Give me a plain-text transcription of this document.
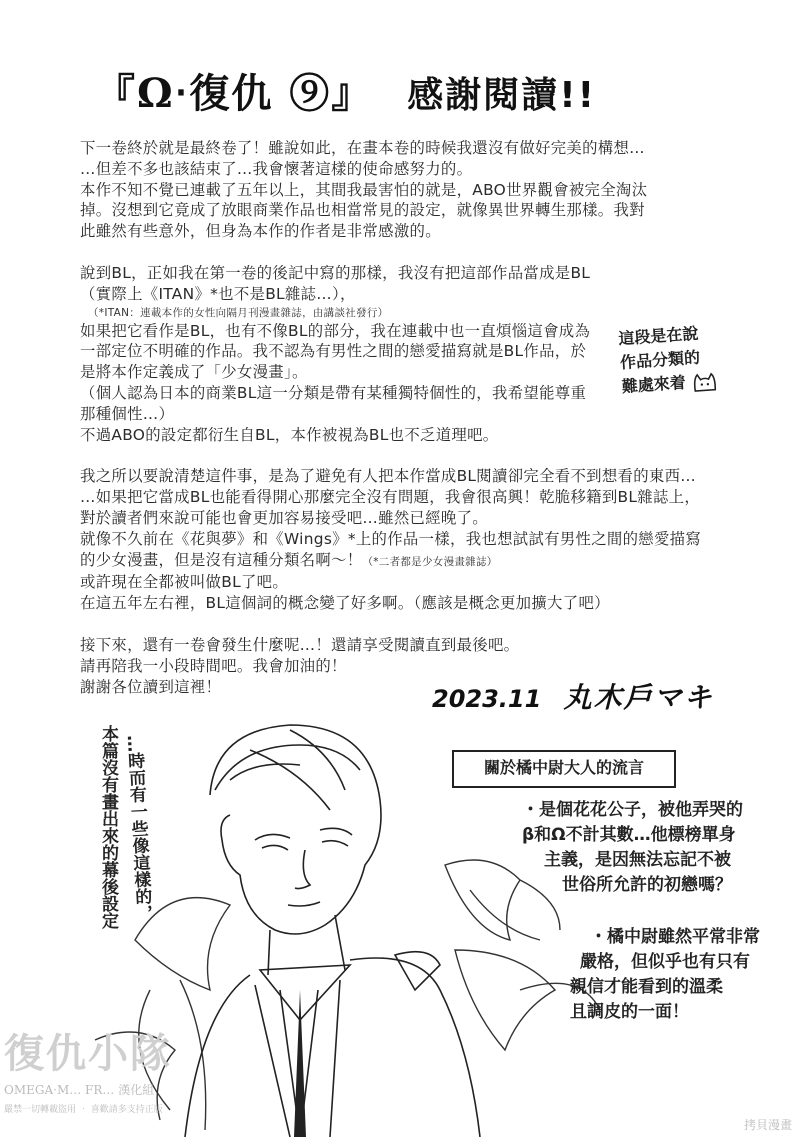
『Ω‧復仇 ⑨』 感謝閱讀!!

下一卷終於就是最終卷了！雖說如此，在畫本卷的時候我還沒有做好完美的構想…

…但差不多也該結束了…我會懷著這樣的使命感努力的。

本作不知不覺已連載了五年以上，其間我最害怕的就是，ABO世界觀會被完全淘汰

掉。沒想到它竟成了放眼商業作品也相當常見的設定，就像異世界轉生那樣。我對

此雖然有些意外，但身為本作的作者是非常感激的。

說到BL，正如我在第一卷的後記中寫的那樣，我沒有把這部作品當成是BL

（實際上《ITAN》*也不是BL雜誌…），

（*ITAN：連載本作的女性向隔月刊漫畫雜誌，由講談社發行）

如果把它看作是BL，也有不像BL的部分，我在連載中也一直煩惱這會成為

一部定位不明確的作品。我不認為有男性之間的戀愛描寫就是BL作品，於

是將本作定義成了「少女漫畫」。

（個人認為日本的商業BL這一分類是帶有某種獨特個性的，我希望能尊重

那種個性…）

不過ABO的設定都衍生自BL，本作被視為BL也不乏道理吧。

我之所以要說清楚這件事，是為了避免有人把本作當成BL閱讀卻完全看不到想看的東西…

…如果把它當成BL也能看得開心那麼完全沒有問題，我會很高興！乾脆移籍到BL雜誌上，

對於讀者們來說可能也會更加容易接受吧…雖然已經晚了。

就像不久前在《花與夢》和《Wings》*上的作品一樣，我也想試試有男性之間的戀愛描寫

的少女漫畫，但是沒有這種分類名啊～！（*二者都是少女漫畫雜誌）

或許現在全都被叫做BL了吧。

在這五年左右裡，BL這個詞的概念變了好多啊。（應該是概念更加擴大了吧）

接下來，還有一卷會發生什麼呢…！還請享受閱讀直到最後吧。

請再陪我一小段時間吧。我會加油的！

謝謝各位讀到這裡！

這段是在說
作品分類的
難處來着
2023.11 丸木戶マキ
本篇沒有畫出來的幕後設定 …時而有一些像這樣的，	關於橘中尉大人的流言
・是個花花公子，被他弄哭的
β和Ω不計其數…他標榜單身
主義，是因無法忘記不被
世俗所允許的初戀嗎？
・橘中尉雖然平常非常
嚴格，但似乎也有只有
親信才能看到的溫柔
且調皮的一面！
復仇小隊
OMEGA‧M… FR… 漢化組
嚴禁一切轉載盜用 ‧ 喜歡請多支持正版
拷貝漫畫
